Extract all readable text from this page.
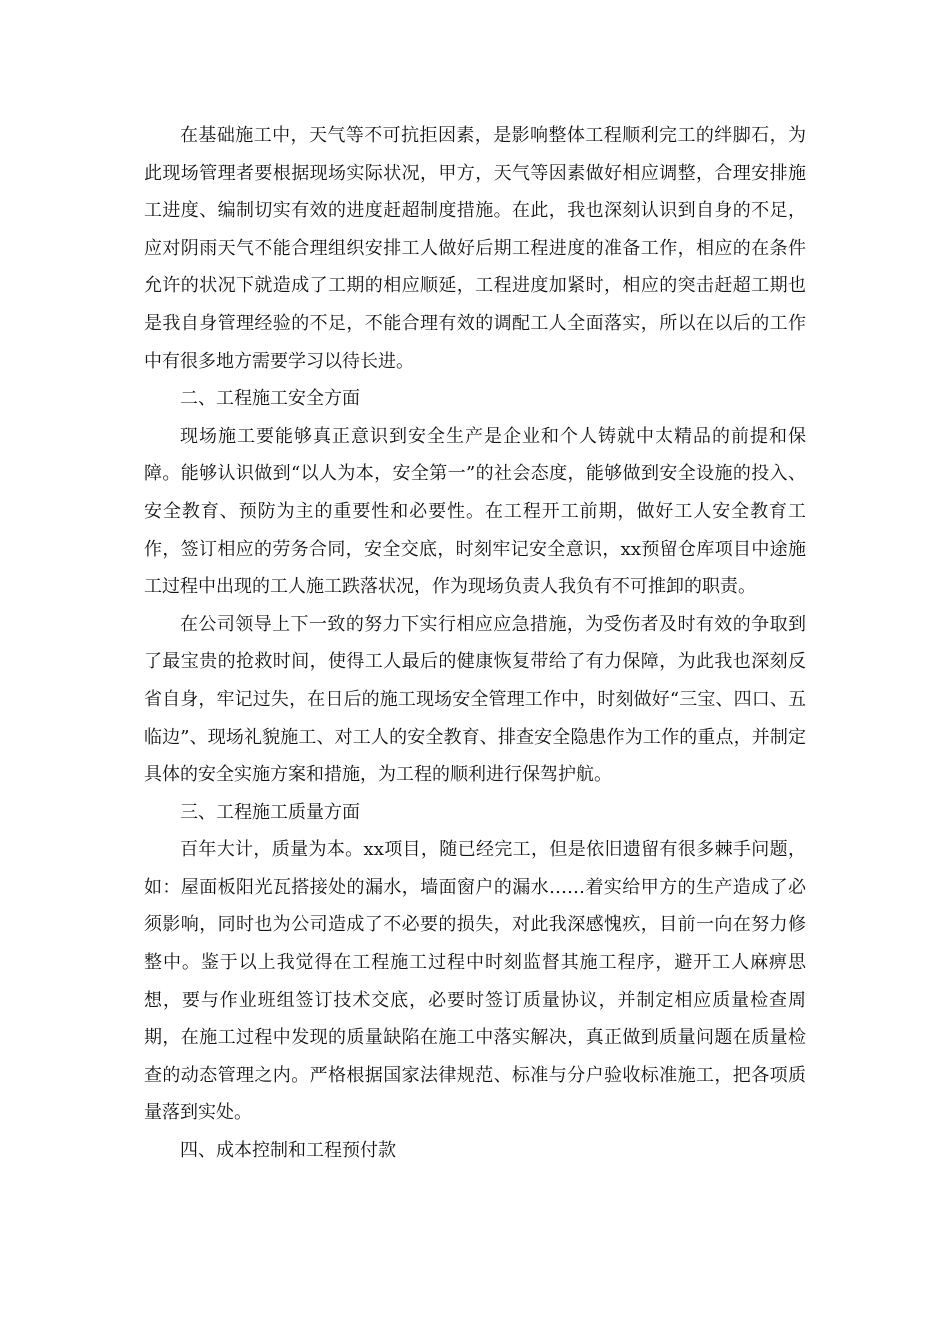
在基础施工中，天气等不可抗拒因素，是影响整体工程顺利完工的绊脚石，为此现场管理者要根据现场实际状况，甲方，天气等因素做好相应调整，合理安排施工进度、编制切实有效的进度赶超制度措施。在此，我也深刻认识到自身的不足，应对阴雨天气不能合理组织安排工人做好后期工程进度的准备工作，相应的在条件允许的状况下就造成了工期的相应顺延，工程进度加紧时，相应的突击赶超工期也是我自身管理经验的不足，不能合理有效的调配工人全面落实，所以在以后的工作中有很多地方需要学习以待长进。

二、工程施工安全方面

现场施工要能够真正意识到安全生产是企业和个人铸就中太精品的前提和保障。能够认识做到“以人为本，安全第一”的社会态度，能够做到安全设施的投入、安全教育、预防为主的重要性和必要性。在工程开工前期，做好工人安全教育工作，签订相应的劳务合同，安全交底，时刻牢记安全意识，xx预留仓库项目中途施工过程中出现的工人施工跌落状况，作为现场负责人我负有不可推卸的职责。

在公司领导上下一致的努力下实行相应应急措施，为受伤者及时有效的争取到了最宝贵的抢救时间，使得工人最后的健康恢复带给了有力保障，为此我也深刻反省自身，牢记过失，在日后的施工现场安全管理工作中，时刻做好“三宝、四口、五临边”、现场礼貌施工、对工人的安全教育、排查安全隐患作为工作的重点，并制定具体的安全实施方案和措施，为工程的顺利进行保驾护航。

三、工程施工质量方面

百年大计，质量为本。xx项目，随已经完工，但是依旧遗留有很多棘手问题，如：屋面板阳光瓦搭接处的漏水，墙面窗户的漏水……着实给甲方的生产造成了必须影响，同时也为公司造成了不必要的损失，对此我深感愧疚，目前一向在努力修整中。鉴于以上我觉得在工程施工过程中时刻监督其施工程序，避开工人麻痹思想，要与作业班组签订技术交底，必要时签订质量协议，并制定相应质量检查周期，在施工过程中发现的质量缺陷在施工中落实解决，真正做到质量问题在质量检查的动态管理之内。严格根据国家法律规范、标准与分户验收标准施工，把各项质量落到实处。

四、成本控制和工程预付款
